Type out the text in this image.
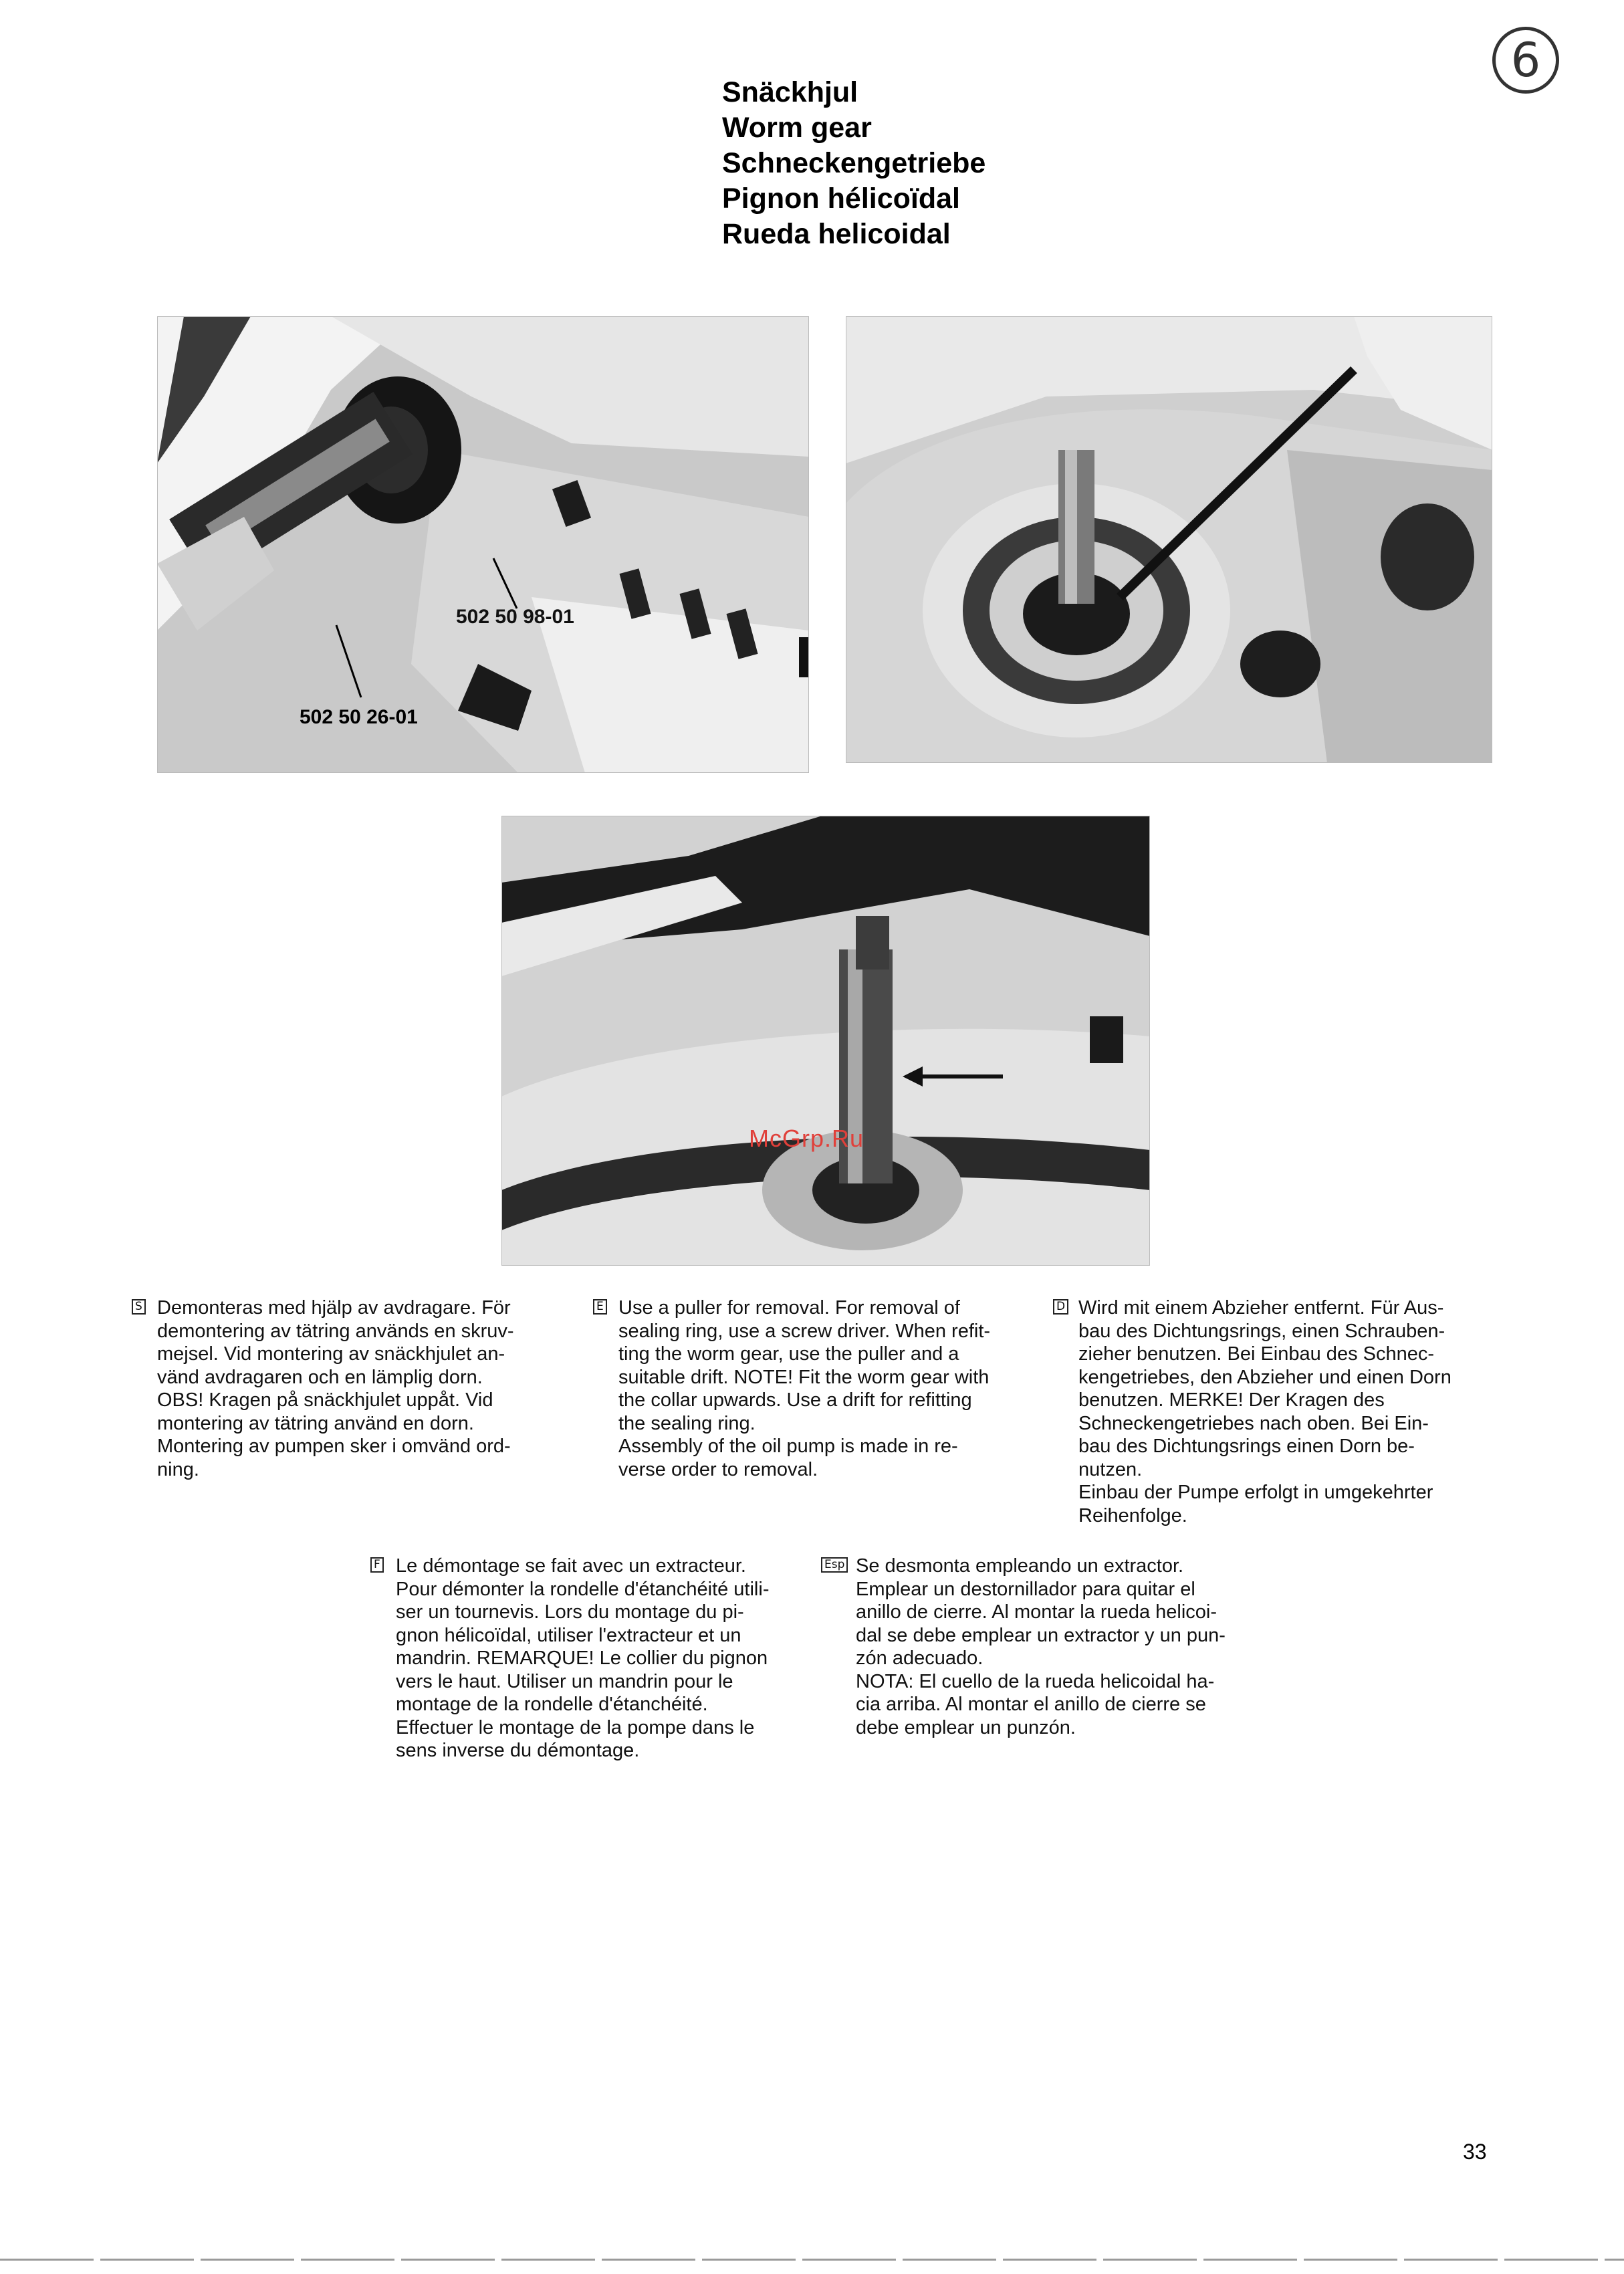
6
Snäckhjul
Worm gear
Schneckengetriebe
Pignon hélicoïdal
Rueda helicoidal
502 50 26-01
502 50 98-01
McGrp.Ru
S Demonteras med hjälp av avdragare. För
demontering av tätring används en skruv-
mejsel. Vid montering av snäckhjulet an-
vänd avdragaren och en lämplig dorn.
OBS! Kragen på snäckhjulet uppåt. Vid
montering av tätring använd en dorn.
Montering av pumpen sker i omvänd ord-
ning.
E Use a puller for removal. For removal of
sealing ring, use a screw driver. When refit-
ting the worm gear, use the puller and a
suitable drift. NOTE! Fit the worm gear with
the collar upwards. Use a drift for refitting
the sealing ring.
Assembly of the oil pump is made in re-
verse order to removal.
D Wird mit einem Abzieher entfernt. Für Aus-
bau des Dichtungsrings, einen Schrauben-
zieher benutzen. Bei Einbau des Schnec-
kengetriebes, den Abzieher und einen Dorn
benutzen. MERKE! Der Kragen des
Schneckengetriebes nach oben. Bei Ein-
bau des Dichtungsrings einen Dorn be-
nutzen.
Einbau der Pumpe erfolgt in umgekehrter
Reihenfolge.
F Le démontage se fait avec un extracteur.
Pour démonter la rondelle d'étanchéité utili-
ser un tournevis. Lors du montage du pi-
gnon hélicoïdal, utiliser l'extracteur et un
mandrin. REMARQUE! Le collier du pignon
vers le haut. Utiliser un mandrin pour le
montage de la rondelle d'étanchéité.
Effectuer le montage de la pompe dans le
sens inverse du démontage.
Esp Se desmonta empleando un extractor.
Emplear un destornillador para quitar el
anillo de cierre. Al montar la rueda helicoi-
dal se debe emplear un extractor y un pun-
zón adecuado.
NOTA: El cuello de la rueda helicoidal ha-
cia arriba. Al montar el anillo de cierre se
debe emplear un punzón.
33
